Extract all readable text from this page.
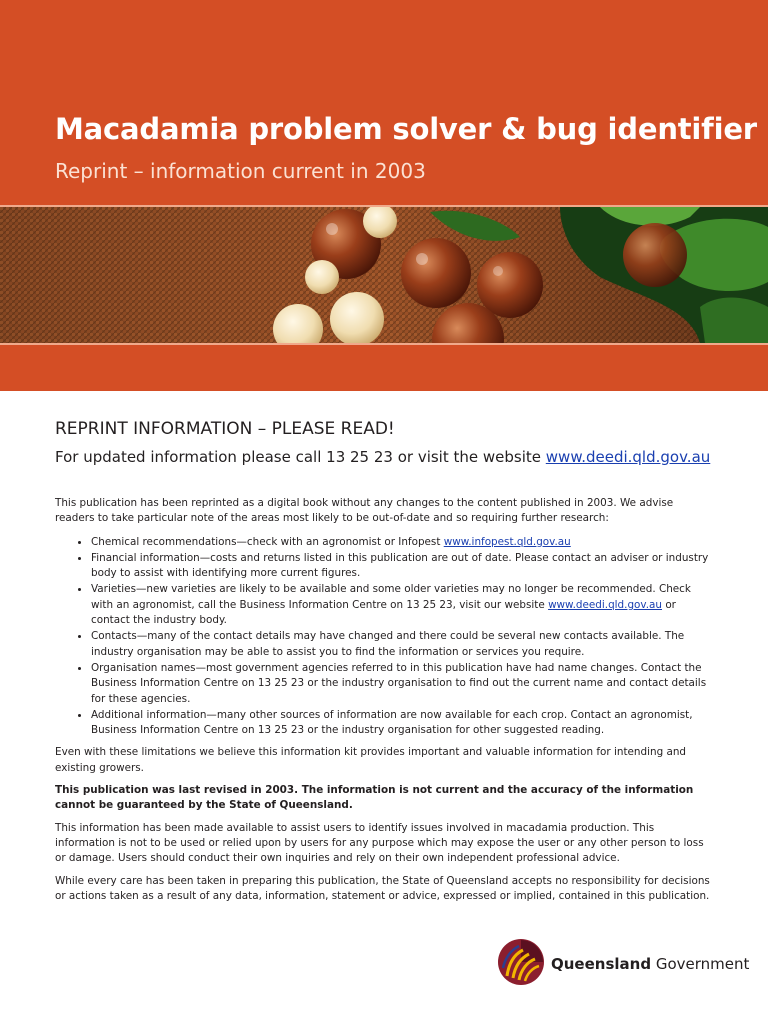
Macadamia problem solver & bug identifier
Reprint – information current in 2003
REPRINT INFORMATION – PLEASE READ!

For updated information please call 13 25 23 or visit the website www.deedi.qld.gov.au

This publication has been reprinted as a digital book without any changes to the content published in 2003. We advise readers to take particular note of the areas most likely to be out-of-date and so requiring further research:

• Chemical recommendations—check with an agronomist or Infopest www.infopest.qld.gov.au
• Financial information—costs and returns listed in this publication are out of date. Please contact an adviser or industry body to assist with identifying more current figures.
• Varieties—new varieties are likely to be available and some older varieties may no longer be recommended. Check with an agronomist, call the Business Information Centre on 13 25 23, visit our website www.deedi.qld.gov.au or contact the industry body.
• Contacts—many of the contact details may have changed and there could be several new contacts available. The industry organisation may be able to assist you to find the information or services you require.
• Organisation names—most government agencies referred to in this publication have had name changes. Contact the Business Information Centre on 13 25 23 or the industry organisation to find out the current name and contact details for these agencies.
• Additional information—many other sources of information are now available for each crop. Contact an agronomist, Business Information Centre on 13 25 23 or the industry organisation for other suggested reading.

Even with these limitations we believe this information kit provides important and valuable information for intending and existing growers.

This publication was last revised in 2003. The information is not current and the accuracy of the information cannot be guaranteed by the State of Queensland.

This information has been made available to assist users to identify issues involved in macadamia production. This information is not to be used or relied upon by users for any purpose which may expose the user or any other person to loss or damage. Users should conduct their own inquiries and rely on their own independent professional advice.

While every care has been taken in preparing this publication, the State of Queensland accepts no responsibility for decisions or actions taken as a result of any data, information, statement or advice, expressed or implied, contained in this publication.

Queensland Government
